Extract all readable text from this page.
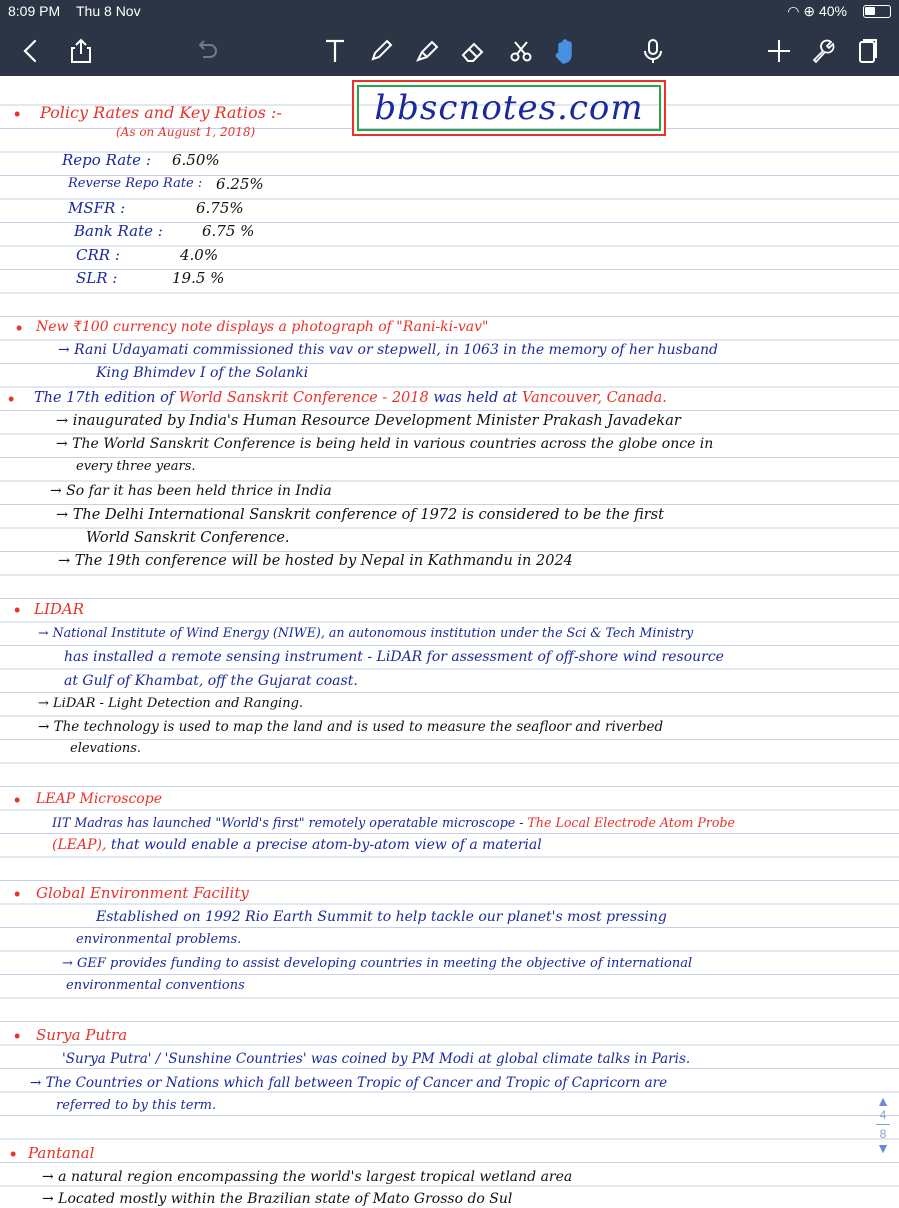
8:09 PM Thu 8 Nov	◠ ⊕ 40%
bbscnotes.com
• Policy Rates and Key Ratios :-
(As on August 1, 2018)
Repo Rate : 6.50%
Reverse Repo Rate : 6.25%
MSFR :	6.75%
Bank Rate :	6.75 %
CRR :	4.0%
SLR :	19.5 %
• New ₹100 currency note displays a photograph of "Rani-ki-vav"
→ Rani Udayamati commissioned this vav or stepwell, in 1063 in the memory of her husband
King Bhimdev I of the Solanki
• The 17th edition of World Sanskrit Conference - 2018 was held at Vancouver, Canada.
→ inaugurated by India's Human Resource Development Minister Prakash Javadekar
→ The World Sanskrit Conference is being held in various countries across the globe once in
every three years.
→ So far it has been held thrice in India
→ The Delhi International Sanskrit conference of 1972 is considered to be the first
World Sanskrit Conference.
→ The 19th conference will be hosted by Nepal in Kathmandu in 2024
• LIDAR
→ National Institute of Wind Energy (NIWE), an autonomous institution under the Sci & Tech Ministry
has installed a remote sensing instrument - LiDAR for assessment of off-shore wind resource
at Gulf of Khambat, off the Gujarat coast.
→ LiDAR - Light Detection and Ranging.
→ The technology is used to map the land and is used to measure the seafloor and riverbed
elevations.
• LEAP Microscope
IIT Madras has launched "World's first" remotely operatable microscope - The Local Electrode Atom Probe
(LEAP), that would enable a precise atom-by-atom view of a material
• Global Environment Facility
Established on 1992 Rio Earth Summit to help tackle our planet's most pressing
environmental problems.
→ GEF provides funding to assist developing countries in meeting the objective of international
environmental conventions
• Surya Putra
'Surya Putra' / 'Sunshine Countries' was coined by PM Modi at global climate talks in Paris.
→ The Countries or Nations which fall between Tropic of Cancer and Tropic of Capricorn are
referred to by this term.
• Pantanal
→ a natural region encompassing the world's largest tropical wetland area
→ Located mostly within the Brazilian state of Mato Grosso do Sul
▲
4
8
▼
